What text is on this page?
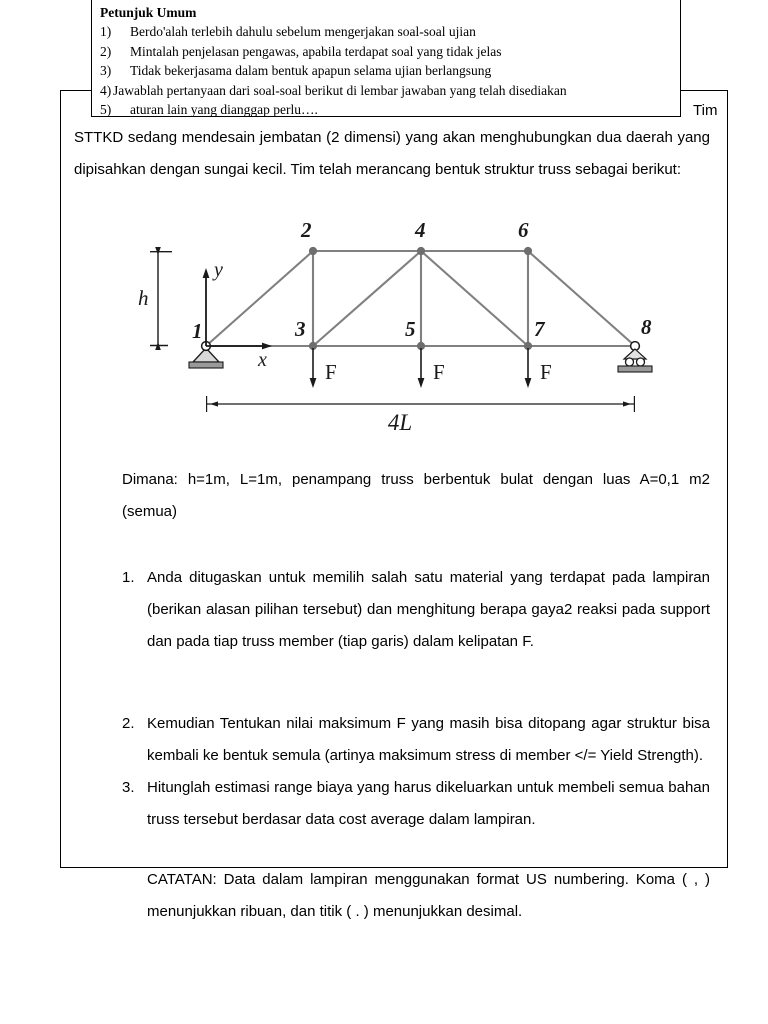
STTKD sedang mendesain jembatan (2 dimensi) yang akan menghubungkan dua daerah yang dipisahkan dengan sungai kecil. Tim telah merancang bentuk struktur truss sebagai berikut:

1
2
3
4
5
6
7	8
F	F	F
h
y
x
4L

Dimana: h=1m, L=1m, penampang truss berbentuk bulat dengan luas A=0,1 m2 (semua)

1. Anda ditugaskan untuk memilih salah satu material yang terdapat pada lampiran (berikan alasan pilihan tersebut) dan menghitung berapa gaya2 reaksi pada support dan pada tiap truss member (tiap garis) dalam kelipatan F.
2. Kemudian Tentukan nilai maksimum F yang masih bisa ditopang agar struktur bisa kembali ke bentuk semula (artinya maksimum stress di member </= Yield Strength).
3. Hitunglah estimasi range biaya yang harus dikeluarkan untuk membeli semua bahan truss tersebut berdasar data cost average dalam lampiran.

CATATAN: Data dalam lampiran menggunakan format US numbering. Koma ( , ) menunjukkan ribuan, dan titik ( . ) menunjukkan desimal.

Petunjuk Umum
1)	Berdo'alah terlebih dahulu sebelum mengerjakan soal-soal ujian
2)	Mintalah penjelasan pengawas, apabila terdapat soal yang tidak jelas
3)	Tidak bekerjasama dalam bentuk apapun selama ujian berlangsung
4) Jawablah pertanyaan dari soal-soal berikut di lembar jawaban yang telah disediakan
5)	aturan lain yang dianggap perlu….	Tim
